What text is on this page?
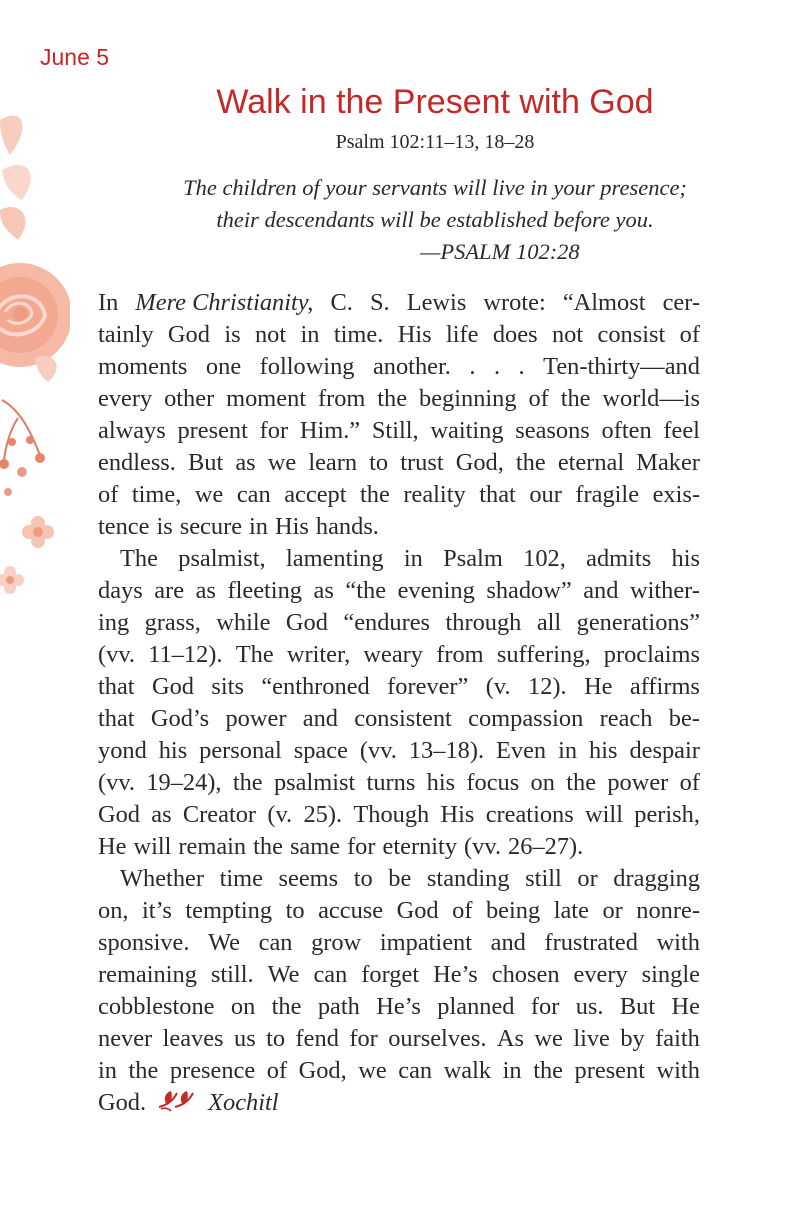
June 5
Walk in the Present with God
Psalm 102:11–13, 18–28
The children of your servants will live in your presence;
their descendants will be established before you.
—PSALM 102:28
In Mere Christianity, C. S. Lewis wrote: “Almost cer-
tainly God is not in time. His life does not consist of
moments one following another. . . . Ten-thirty—and
every other moment from the beginning of the world—is
always present for Him.” Still, waiting seasons often feel
endless. But as we learn to trust God, the eternal Maker
of time, we can accept the reality that our fragile exis-
tence is secure in His hands.
The psalmist, lamenting in Psalm 102, admits his
days are as fleeting as “the evening shadow” and wither-
ing grass, while God “endures through all generations”
(vv. 11–12). The writer, weary from suffering, proclaims
that God sits “enthroned forever” (v. 12). He affirms
that God’s power and consistent compassion reach be-
yond his personal space (vv. 13–18). Even in his despair
(vv. 19–24), the psalmist turns his focus on the power of
God as Creator (v. 25). Though His creations will perish,
He will remain the same for eternity (vv. 26–27).
Whether time seems to be standing still or dragging
on, it’s tempting to accuse God of being late or nonre-
sponsive. We can grow impatient and frustrated with
remaining still. We can forget He’s chosen every single
cobblestone on the path He’s planned for us. But He
never leaves us to fend for ourselves. As we live by faith
in the presence of God, we can walk in the present with
God.	Xochitl
